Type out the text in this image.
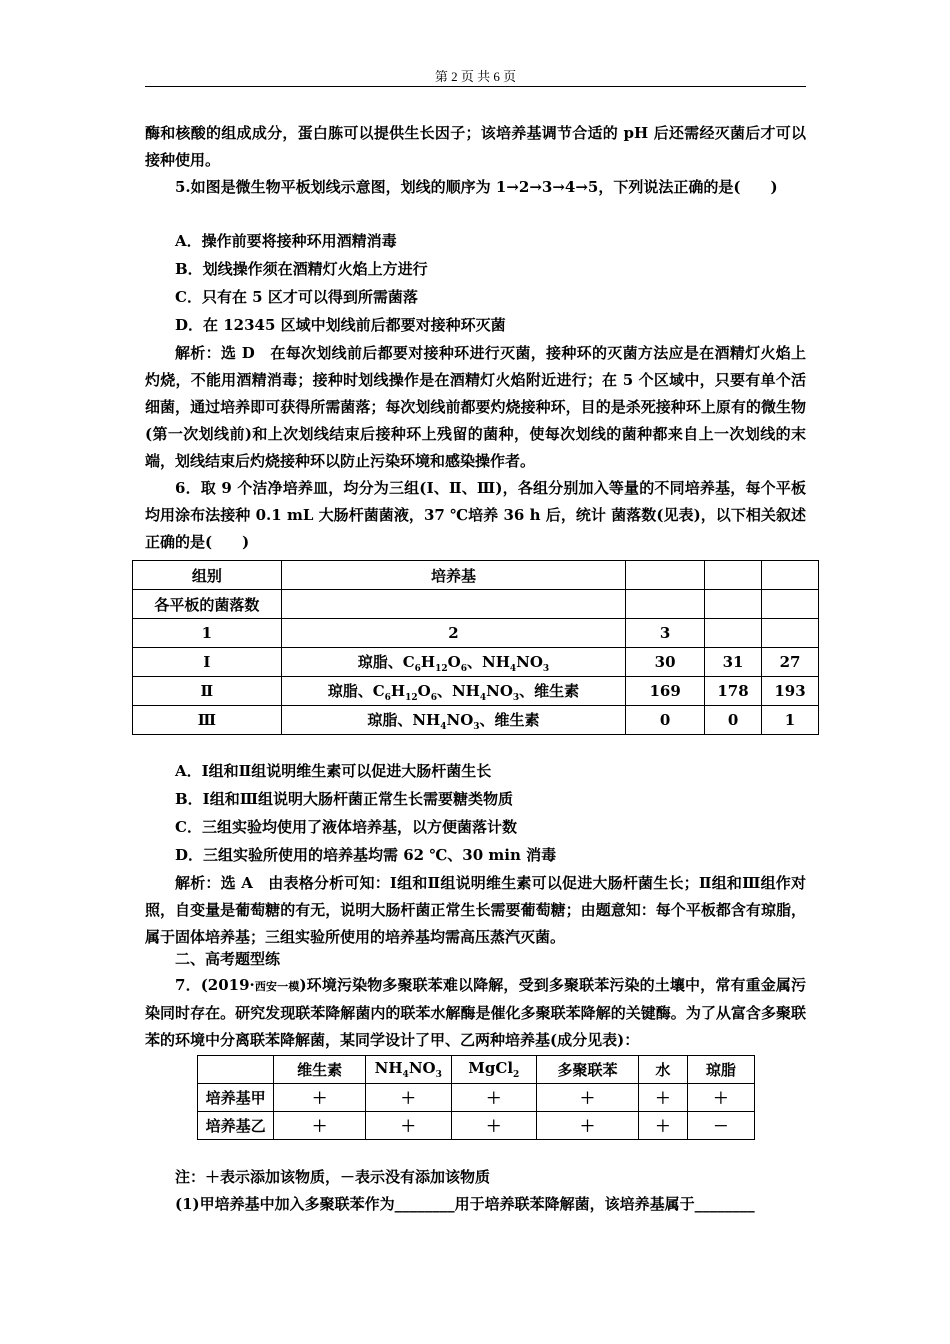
第 2 页 共 6 页

酶和核酸的组成成分，蛋白胨可以提供生长因子；该培养基调节合适的 pH 后还需经灭菌后才可以接种使用。

5.如图是微生物平板划线示意图，划线的顺序为 1→2→3→4→5，下列说法正确的是(　　)

A．操作前要将接种环用酒精消毒

B．划线操作须在酒精灯火焰上方进行

C．只有在 5 区才可以得到所需菌落

D．在 12345 区域中划线前后都要对接种环灭菌

解析：选 D　在每次划线前后都要对接种环进行灭菌，接种环的灭菌方法应是在酒精灯火焰上灼烧，不能用酒精消毒；接种时划线操作是在酒精灯火焰附近进行；在 5 个区域中，只要有单个活细菌，通过培养即可获得所需菌落；每次划线前都要灼烧接种环，目的是杀死接种环上原有的微生物(第一次划线前)和上次划线结束后接种环上残留的菌种，使每次划线的菌种都来自上一次划线的末端，划线结束后灼烧接种环以防止污染环境和感染操作者。

6．取 9 个洁净培养皿，均分为三组(Ⅰ、Ⅱ、Ⅲ)，各组分别加入等量的不同培养基，每个平板均用涂布法接种 0.1 mL 大肠杆菌菌液，37 ℃培养 36 h 后，统计 菌落数(见表)，以下相关叙述正确的是(　　)

组别	培养基			
各平板的菌落数				
1	2	3		
Ⅰ	琼脂、$C_6H_{12}O_6$、$NH_4NO_3$	30	31	27
Ⅱ	琼脂、$C_6H_{12}O_6$、$NH_4NO_3$、维生素	169	178	193
Ⅲ	琼脂、$NH_4NO_3$、维生素	0	0	1

A．Ⅰ组和Ⅱ组说明维生素可以促进大肠杆菌生长

B．Ⅰ组和Ⅲ组说明大肠杆菌正常生长需要糖类物质

C．三组实验均使用了液体培养基，以方便菌落计数

D．三组实验所使用的培养基均需 62 ℃、30 min 消毒

解析：选 A　由表格分析可知：Ⅰ组和Ⅱ组说明维生素可以促进大肠杆菌生长；Ⅱ组和Ⅲ组作对照，自变量是葡萄糖的有无，说明大肠杆菌正常生长需要葡萄糖；由题意知：每个平板都含有琼脂，属于固体培养基；三组实验所使用的培养基均需高压蒸汽灭菌。

二、高考题型练

7．(2019·西安一模)环境污染物多聚联苯难以降解，受到多聚联苯污染的土壤中，常有重金属污染同时存在。研究发现联苯降解菌内的联苯水解酶是催化多聚联苯降解的关键酶。为了从富含多聚联苯的环境中分离联苯降解菌，某同学设计了甲、乙两种培养基(成分见表)：

	维生素	$NH_4NO_3$	MgCl$_2$	多聚联苯	水	琼脂
培养基甲	＋	＋	＋	＋	＋	＋
培养基乙	＋	＋	＋	＋	＋	－

注：＋表示添加该物质，－表示没有添加该物质

(1)甲培养基中加入多聚联苯作为________用于培养联苯降解菌，该培养基属于________
